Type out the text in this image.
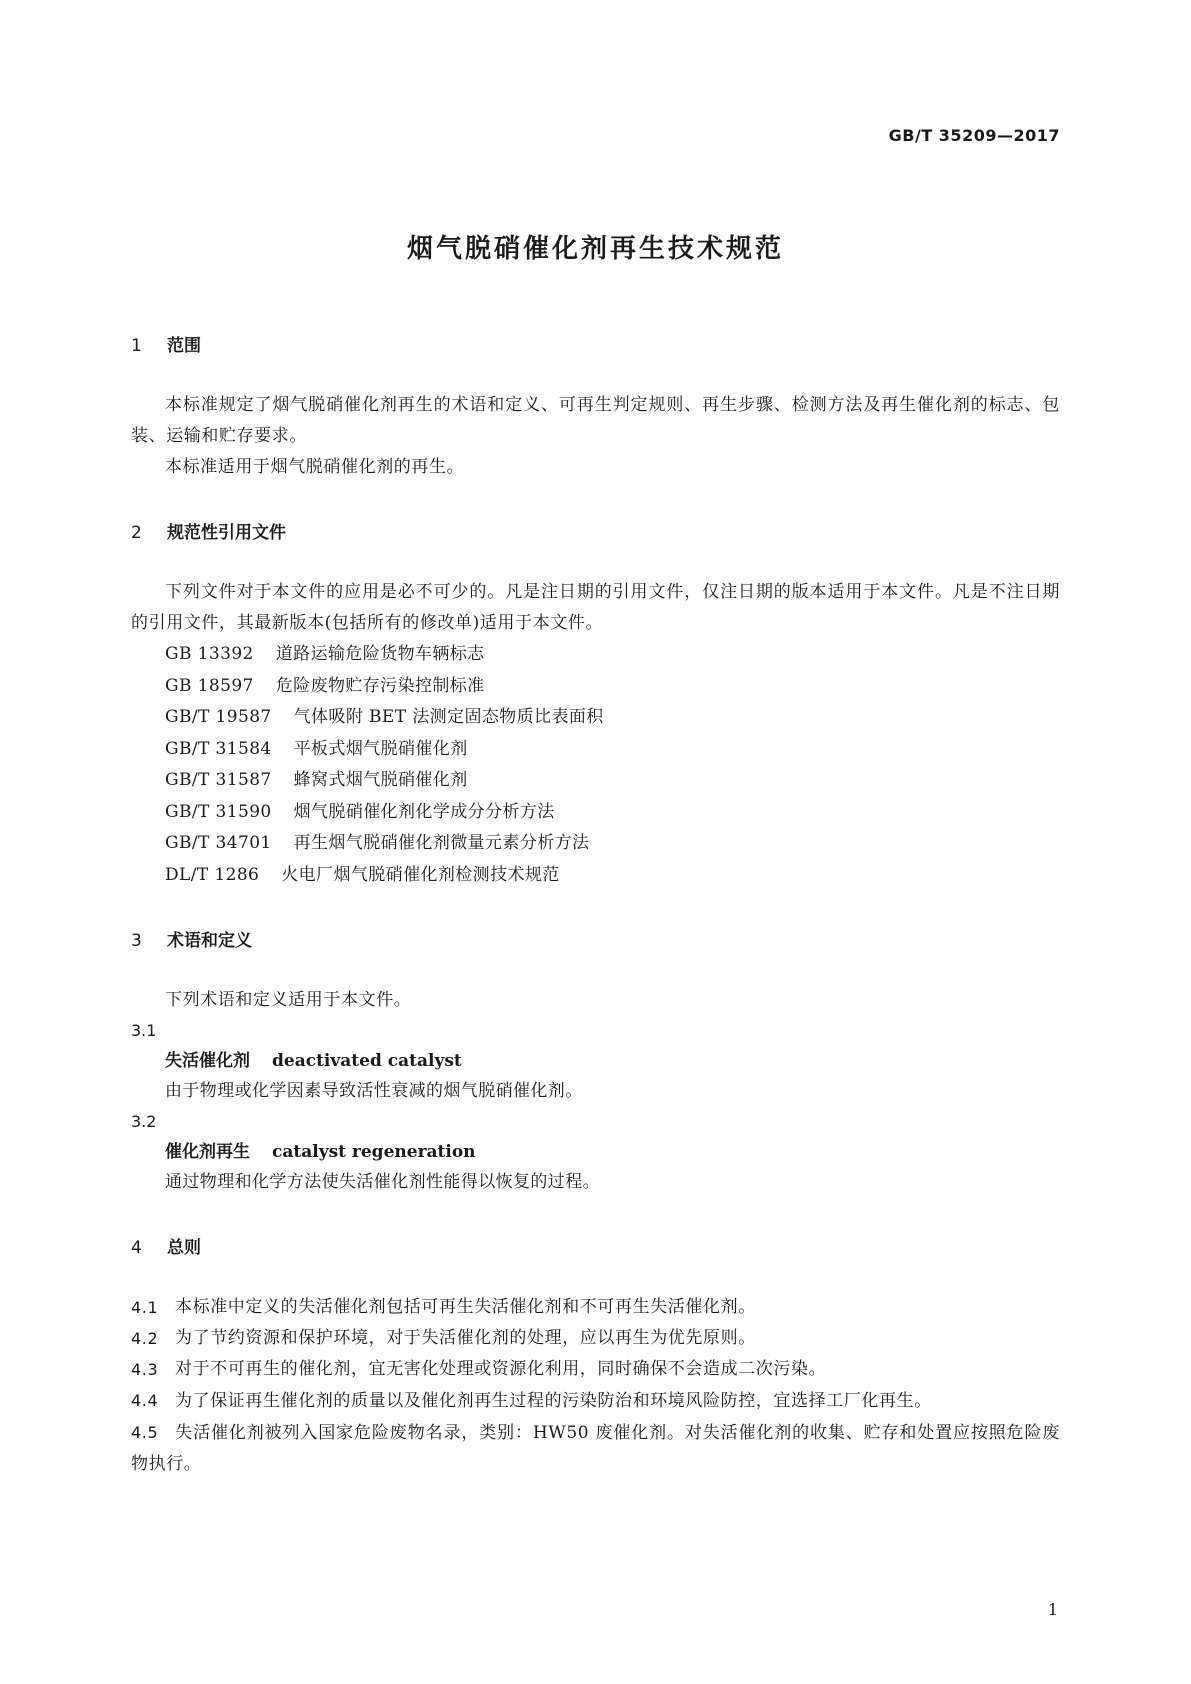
GB/T 35209—2017
烟气脱硝催化剂再生技术规范
1	范围

本标准规定了烟气脱硝催化剂再生的术语和定义、可再生判定规则、再生步骤、检测方法及再生催化剂的标志、包装、运输和贮存要求。

本标准适用于烟气脱硝催化剂的再生。

2	规范性引用文件

下列文件对于本文件的应用是必不可少的。凡是注日期的引用文件，仅注日期的版本适用于本文件。凡是不注日期的引用文件，其最新版本(包括所有的修改单)适用于本文件。

GB 13392 道路运输危险货物车辆标志
GB 18597 危险废物贮存污染控制标准
GB/T 19587 气体吸附 BET 法测定固态物质比表面积
GB/T 31584 平板式烟气脱硝催化剂
GB/T 31587 蜂窝式烟气脱硝催化剂
GB/T 31590 烟气脱硝催化剂化学成分分析方法
GB/T 34701 再生烟气脱硝催化剂微量元素分析方法
DL/T 1286 火电厂烟气脱硝催化剂检测技术规范
3	术语和定义

下列术语和定义适用于本文件。

3.1
失活催化剂 deactivated catalyst
由于物理或化学因素导致活性衰减的烟气脱硝催化剂。
3.2
催化剂再生 catalyst regeneration
通过物理和化学方法使失活催化剂性能得以恢复的过程。
4	总则
4.1 本标准中定义的失活催化剂包括可再生失活催化剂和不可再生失活催化剂。
4.2 为了节约资源和保护环境，对于失活催化剂的处理，应以再生为优先原则。
4.3 对于不可再生的催化剂，宜无害化处理或资源化利用，同时确保不会造成二次污染。
4.4 为了保证再生催化剂的质量以及催化剂再生过程的污染防治和环境风险防控，宜选择工厂化再生。
4.5 失活催化剂被列入国家危险废物名录，类别：HW50 废催化剂。对失活催化剂的收集、贮存和处置应按照危险废物执行。
1
